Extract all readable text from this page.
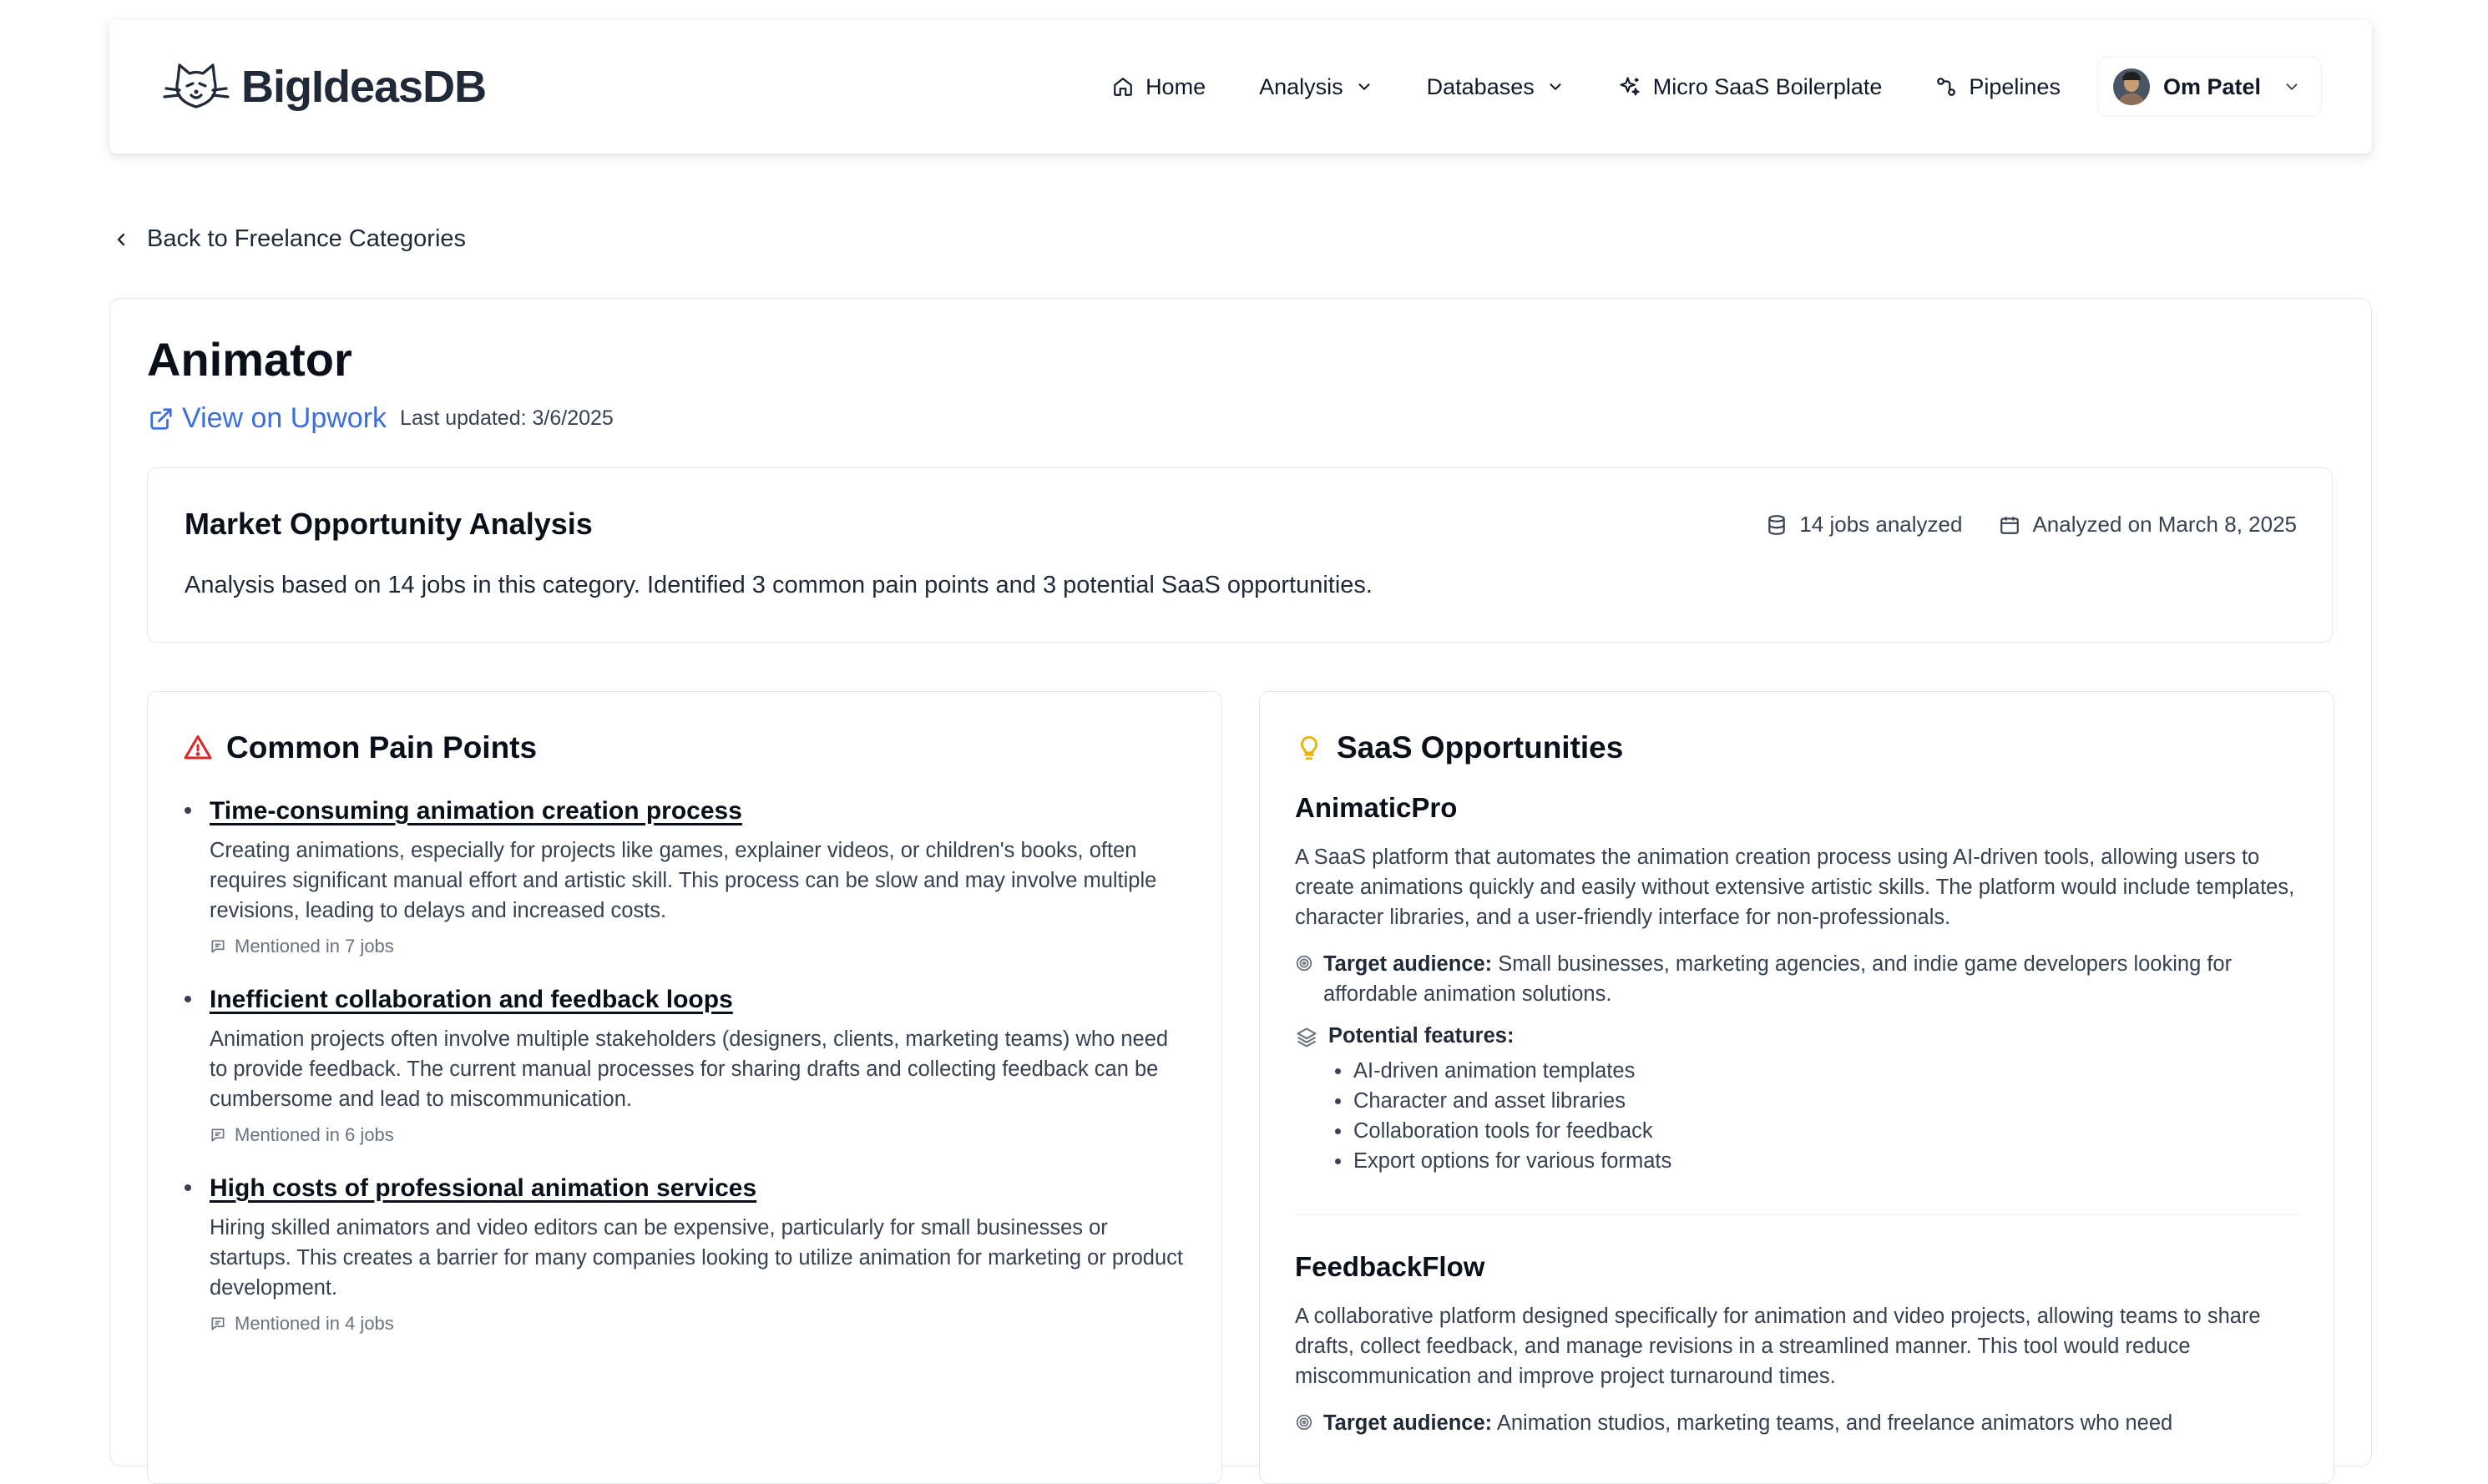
BigIdeasDB	Home Analysis	Databases	Micro SaaS Boilerplate	Pipelines	Om Patel
Back to Freelance Categories
Animator
View on Upwork Last updated: 3/6/2025
Market Opportunity Analysis	14 jobs analyzed	Analyzed on March 8, 2025
Analysis based on 14 jobs in this category. Identified 3 common pain points and 3 potential SaaS opportunities.
Common Pain Points
Time-consuming animation creation process
Creating animations, especially for projects like games, explainer videos, or children's books, often requires significant manual effort and artistic skill. This process can be slow and may involve multiple revisions, leading to delays and increased costs.
Mentioned in 7 jobs
Inefficient collaboration and feedback loops
Animation projects often involve multiple stakeholders (designers, clients, marketing teams) who need to provide feedback. The current manual processes for sharing drafts and collecting feedback can be cumbersome and lead to miscommunication.
Mentioned in 6 jobs
High costs of professional animation services
Hiring skilled animators and video editors can be expensive, particularly for small businesses or startups. This creates a barrier for many companies looking to utilize animation for marketing or product development.
Mentioned in 4 jobs
SaaS Opportunities
AnimaticPro
A SaaS platform that automates the animation creation process using AI-driven tools, allowing users to create animations quickly and easily without extensive artistic skills. The platform would include templates, character libraries, and a user-friendly interface for non-professionals.
Target audience: Small businesses, marketing agencies, and indie game developers looking for affordable animation solutions.
Potential features:
AI-driven animation templates
Character and asset libraries
Collaboration tools for feedback
Export options for various formats
FeedbackFlow
A collaborative platform designed specifically for animation and video projects, allowing teams to share drafts, collect feedback, and manage revisions in a streamlined manner. This tool would reduce miscommunication and improve project turnaround times.
Target audience: Animation studios, marketing teams, and freelance animators who need
